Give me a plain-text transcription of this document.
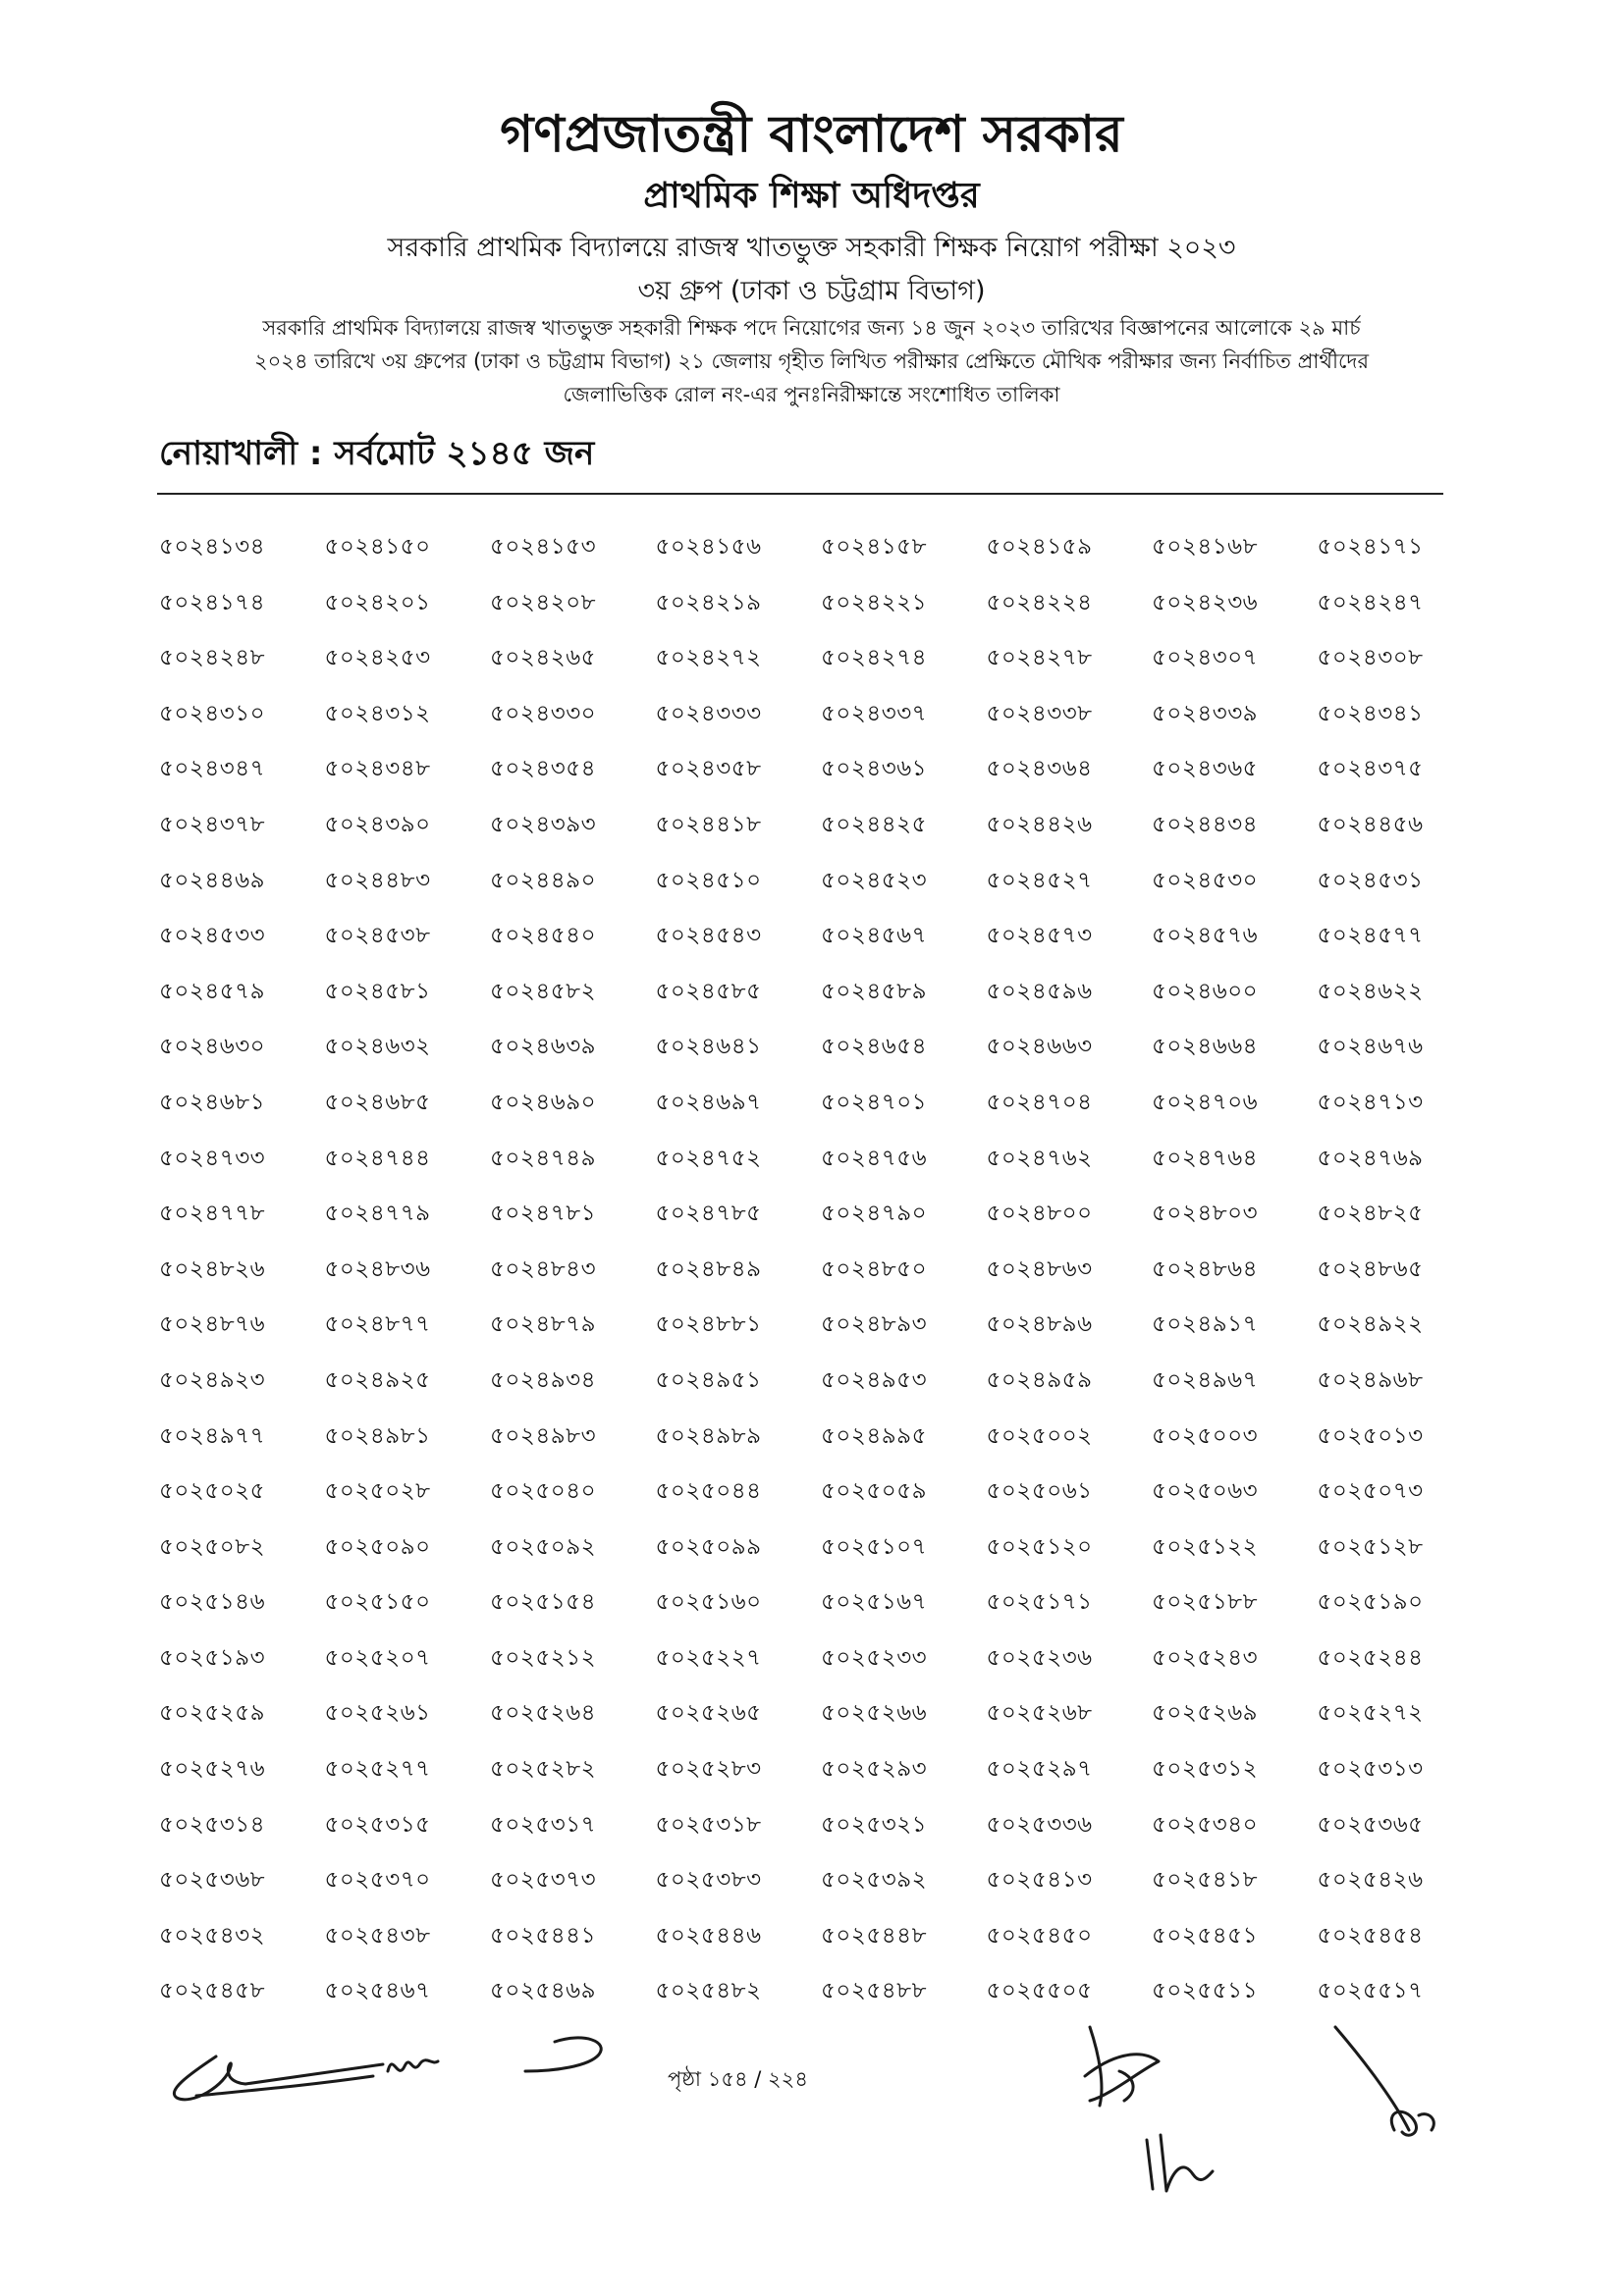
গণপ্রজাতন্ত্রী বাংলাদেশ সরকার
প্রাথমিক শিক্ষা অধিদপ্তর
সরকারি প্রাথমিক বিদ্যালয়ে রাজস্ব খাতভুক্ত সহকারী শিক্ষক নিয়োগ পরীক্ষা ২০২৩
৩য় গ্রুপ (ঢাকা ও চট্টগ্রাম বিভাগ)
সরকারি প্রাথমিক বিদ্যালয়ে রাজস্ব খাতভুক্ত সহকারী শিক্ষক পদে নিয়োগের জন্য ১৪ জুন ২০২৩ তারিখের বিজ্ঞাপনের আলোকে ২৯ মার্চ
২০২৪ তারিখে ৩য় গ্রুপের (ঢাকা ও চট্টগ্রাম বিভাগ) ২১ জেলায় গৃহীত লিখিত পরীক্ষার প্রেক্ষিতে মৌখিক পরীক্ষার জন্য নির্বাচিত প্রার্থীদের
জেলাভিত্তিক রোল নং-এর পুনঃনিরীক্ষান্তে সংশোধিত তালিকা
নোয়াখালী : সর্বমোট ২১৪৫ জন
৫০২৪১৩৪	৫০২৪১৫০	৫০২৪১৫৩	৫০২৪১৫৬	৫০২৪১৫৮	৫০২৪১৫৯	৫০২৪১৬৮	৫০২৪১৭১
৫০২৪১৭৪	৫০২৪২০১	৫০২৪২০৮	৫০২৪২১৯	৫০২৪২২১	৫০২৪২২৪	৫০২৪২৩৬	৫০২৪২৪৭
৫০২৪২৪৮	৫০২৪২৫৩	৫০২৪২৬৫	৫০২৪২৭২	৫০২৪২৭৪	৫০২৪২৭৮	৫০২৪৩০৭	৫০২৪৩০৮
৫০২৪৩১০	৫০২৪৩১২	৫০২৪৩৩০	৫০২৪৩৩৩	৫০২৪৩৩৭	৫০২৪৩৩৮	৫০২৪৩৩৯	৫০২৪৩৪১
৫০২৪৩৪৭	৫০২৪৩৪৮	৫০২৪৩৫৪	৫০২৪৩৫৮	৫০২৪৩৬১	৫০২৪৩৬৪	৫০২৪৩৬৫	৫০২৪৩৭৫
৫০২৪৩৭৮	৫০২৪৩৯০	৫০২৪৩৯৩	৫০২৪৪১৮	৫০২৪৪২৫	৫০২৪৪২৬	৫০২৪৪৩৪	৫০২৪৪৫৬
৫০২৪৪৬৯	৫০২৪৪৮৩	৫০২৪৪৯০	৫০২৪৫১০	৫০২৪৫২৩	৫০২৪৫২৭	৫০২৪৫৩০	৫০২৪৫৩১
৫০২৪৫৩৩	৫০২৪৫৩৮	৫০২৪৫৪০	৫০২৪৫৪৩	৫০২৪৫৬৭	৫০২৪৫৭৩	৫০২৪৫৭৬	৫০২৪৫৭৭
৫০২৪৫৭৯	৫০২৪৫৮১	৫০২৪৫৮২	৫০২৪৫৮৫	৫০২৪৫৮৯	৫০২৪৫৯৬	৫০২৪৬০০	৫০২৪৬২২
৫০২৪৬৩০	৫০২৪৬৩২	৫০২৪৬৩৯	৫০২৪৬৪১	৫০২৪৬৫৪	৫০২৪৬৬৩	৫০২৪৬৬৪	৫০২৪৬৭৬
৫০২৪৬৮১	৫০২৪৬৮৫	৫০২৪৬৯০	৫০২৪৬৯৭	৫০২৪৭০১	৫০২৪৭০৪	৫০২৪৭০৬	৫০২৪৭১৩
৫০২৪৭৩৩	৫০২৪৭৪৪	৫০২৪৭৪৯	৫০২৪৭৫২	৫০২৪৭৫৬	৫০২৪৭৬২	৫০২৪৭৬৪	৫০২৪৭৬৯
৫০২৪৭৭৮	৫০২৪৭৭৯	৫০২৪৭৮১	৫০২৪৭৮৫	৫০২৪৭৯০	৫০২৪৮০০	৫০২৪৮০৩	৫০২৪৮২৫
৫০২৪৮২৬	৫০২৪৮৩৬	৫০২৪৮৪৩	৫০২৪৮৪৯	৫০২৪৮৫০	৫০২৪৮৬৩	৫০২৪৮৬৪	৫০২৪৮৬৫
৫০২৪৮৭৬	৫০২৪৮৭৭	৫০২৪৮৭৯	৫০২৪৮৮১	৫০২৪৮৯৩	৫০২৪৮৯৬	৫০২৪৯১৭	৫০২৪৯২২
৫০২৪৯২৩	৫০২৪৯২৫	৫০২৪৯৩৪	৫০২৪৯৫১	৫০২৪৯৫৩	৫০২৪৯৫৯	৫০২৪৯৬৭	৫০২৪৯৬৮
৫০২৪৯৭৭	৫০২৪৯৮১	৫০২৪৯৮৩	৫০২৪৯৮৯	৫০২৪৯৯৫	৫০২৫০০২	৫০২৫০০৩	৫০২৫০১৩
৫০২৫০২৫	৫০২৫০২৮	৫০২৫০৪০	৫০২৫০৪৪	৫০২৫০৫৯	৫০২৫০৬১	৫০২৫০৬৩	৫০২৫০৭৩
৫০২৫০৮২	৫০২৫০৯০	৫০২৫০৯২	৫০২৫০৯৯	৫০২৫১০৭	৫০২৫১২০	৫০২৫১২২	৫০২৫১২৮
৫০২৫১৪৬	৫০২৫১৫০	৫০২৫১৫৪	৫০২৫১৬০	৫০২৫১৬৭	৫০২৫১৭১	৫০২৫১৮৮	৫০২৫১৯০
৫০২৫১৯৩	৫০২৫২০৭	৫০২৫২১২	৫০২৫২২৭	৫০২৫২৩৩	৫০২৫২৩৬	৫০২৫২৪৩	৫০২৫২৪৪
৫০২৫২৫৯	৫০২৫২৬১	৫০২৫২৬৪	৫০২৫২৬৫	৫০২৫২৬৬	৫০২৫২৬৮	৫০২৫২৬৯	৫০২৫২৭২
৫০২৫২৭৬	৫০২৫২৭৭	৫০২৫২৮২	৫০২৫২৮৩	৫০২৫২৯৩	৫০২৫২৯৭	৫০২৫৩১২	৫০২৫৩১৩
৫০২৫৩১৪	৫০২৫৩১৫	৫০২৫৩১৭	৫০২৫৩১৮	৫০২৫৩২১	৫০২৫৩৩৬	৫০২৫৩৪০	৫০২৫৩৬৫
৫০২৫৩৬৮	৫০২৫৩৭০	৫০২৫৩৭৩	৫০২৫৩৮৩	৫০২৫৩৯২	৫০২৫৪১৩	৫০২৫৪১৮	৫০২৫৪২৬
৫০২৫৪৩২	৫০২৫৪৩৮	৫০২৫৪৪১	৫০২৫৪৪৬	৫০২৫৪৪৮	৫০২৫৪৫০	৫০২৫৪৫১	৫০২৫৪৫৪
৫০২৫৪৫৮	৫০২৫৪৬৭	৫০২৫৪৬৯	৫০২৫৪৮২	৫০২৫৪৮৮	৫০২৫৫০৫	৫০২৫৫১১	৫০২৫৫১৭
পৃষ্ঠা ১৫৪ / ২২৪
